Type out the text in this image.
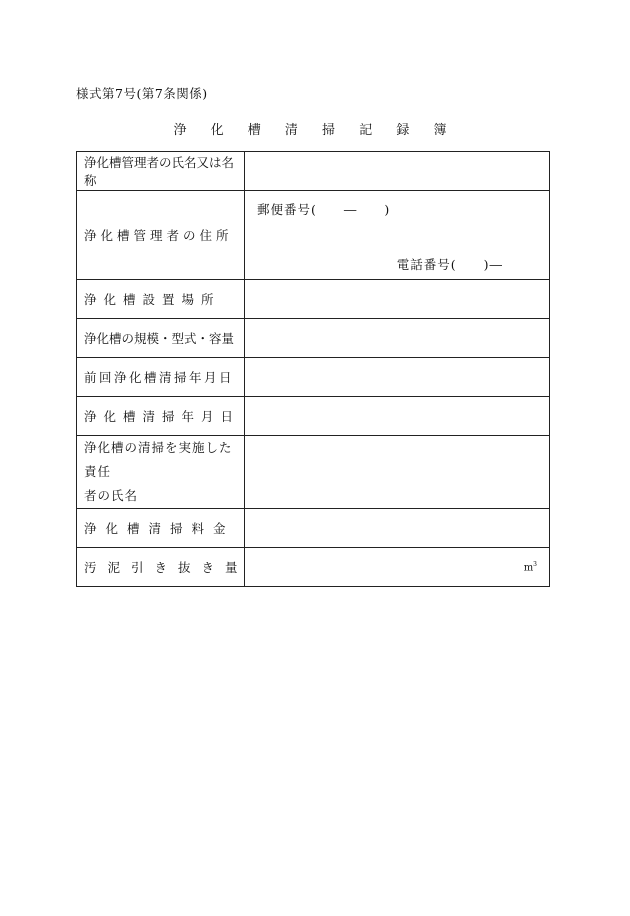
様式第7号(第7条関係)
浄 化 槽 清 掃 記 録 簿
浄化槽管理者の氏名又は名称	
浄化槽管理者の住所	郵便番号(　　―　　)
電話番号(　　)―

浄化槽設置場所	
浄化槽の規模・型式・容量	
前回浄化槽清掃年月日	
浄化槽清掃年月日	
浄化槽の清掃を実施した責任
者の氏名	
浄化槽清掃料金	
汚泥引き抜き量	$m^3$
